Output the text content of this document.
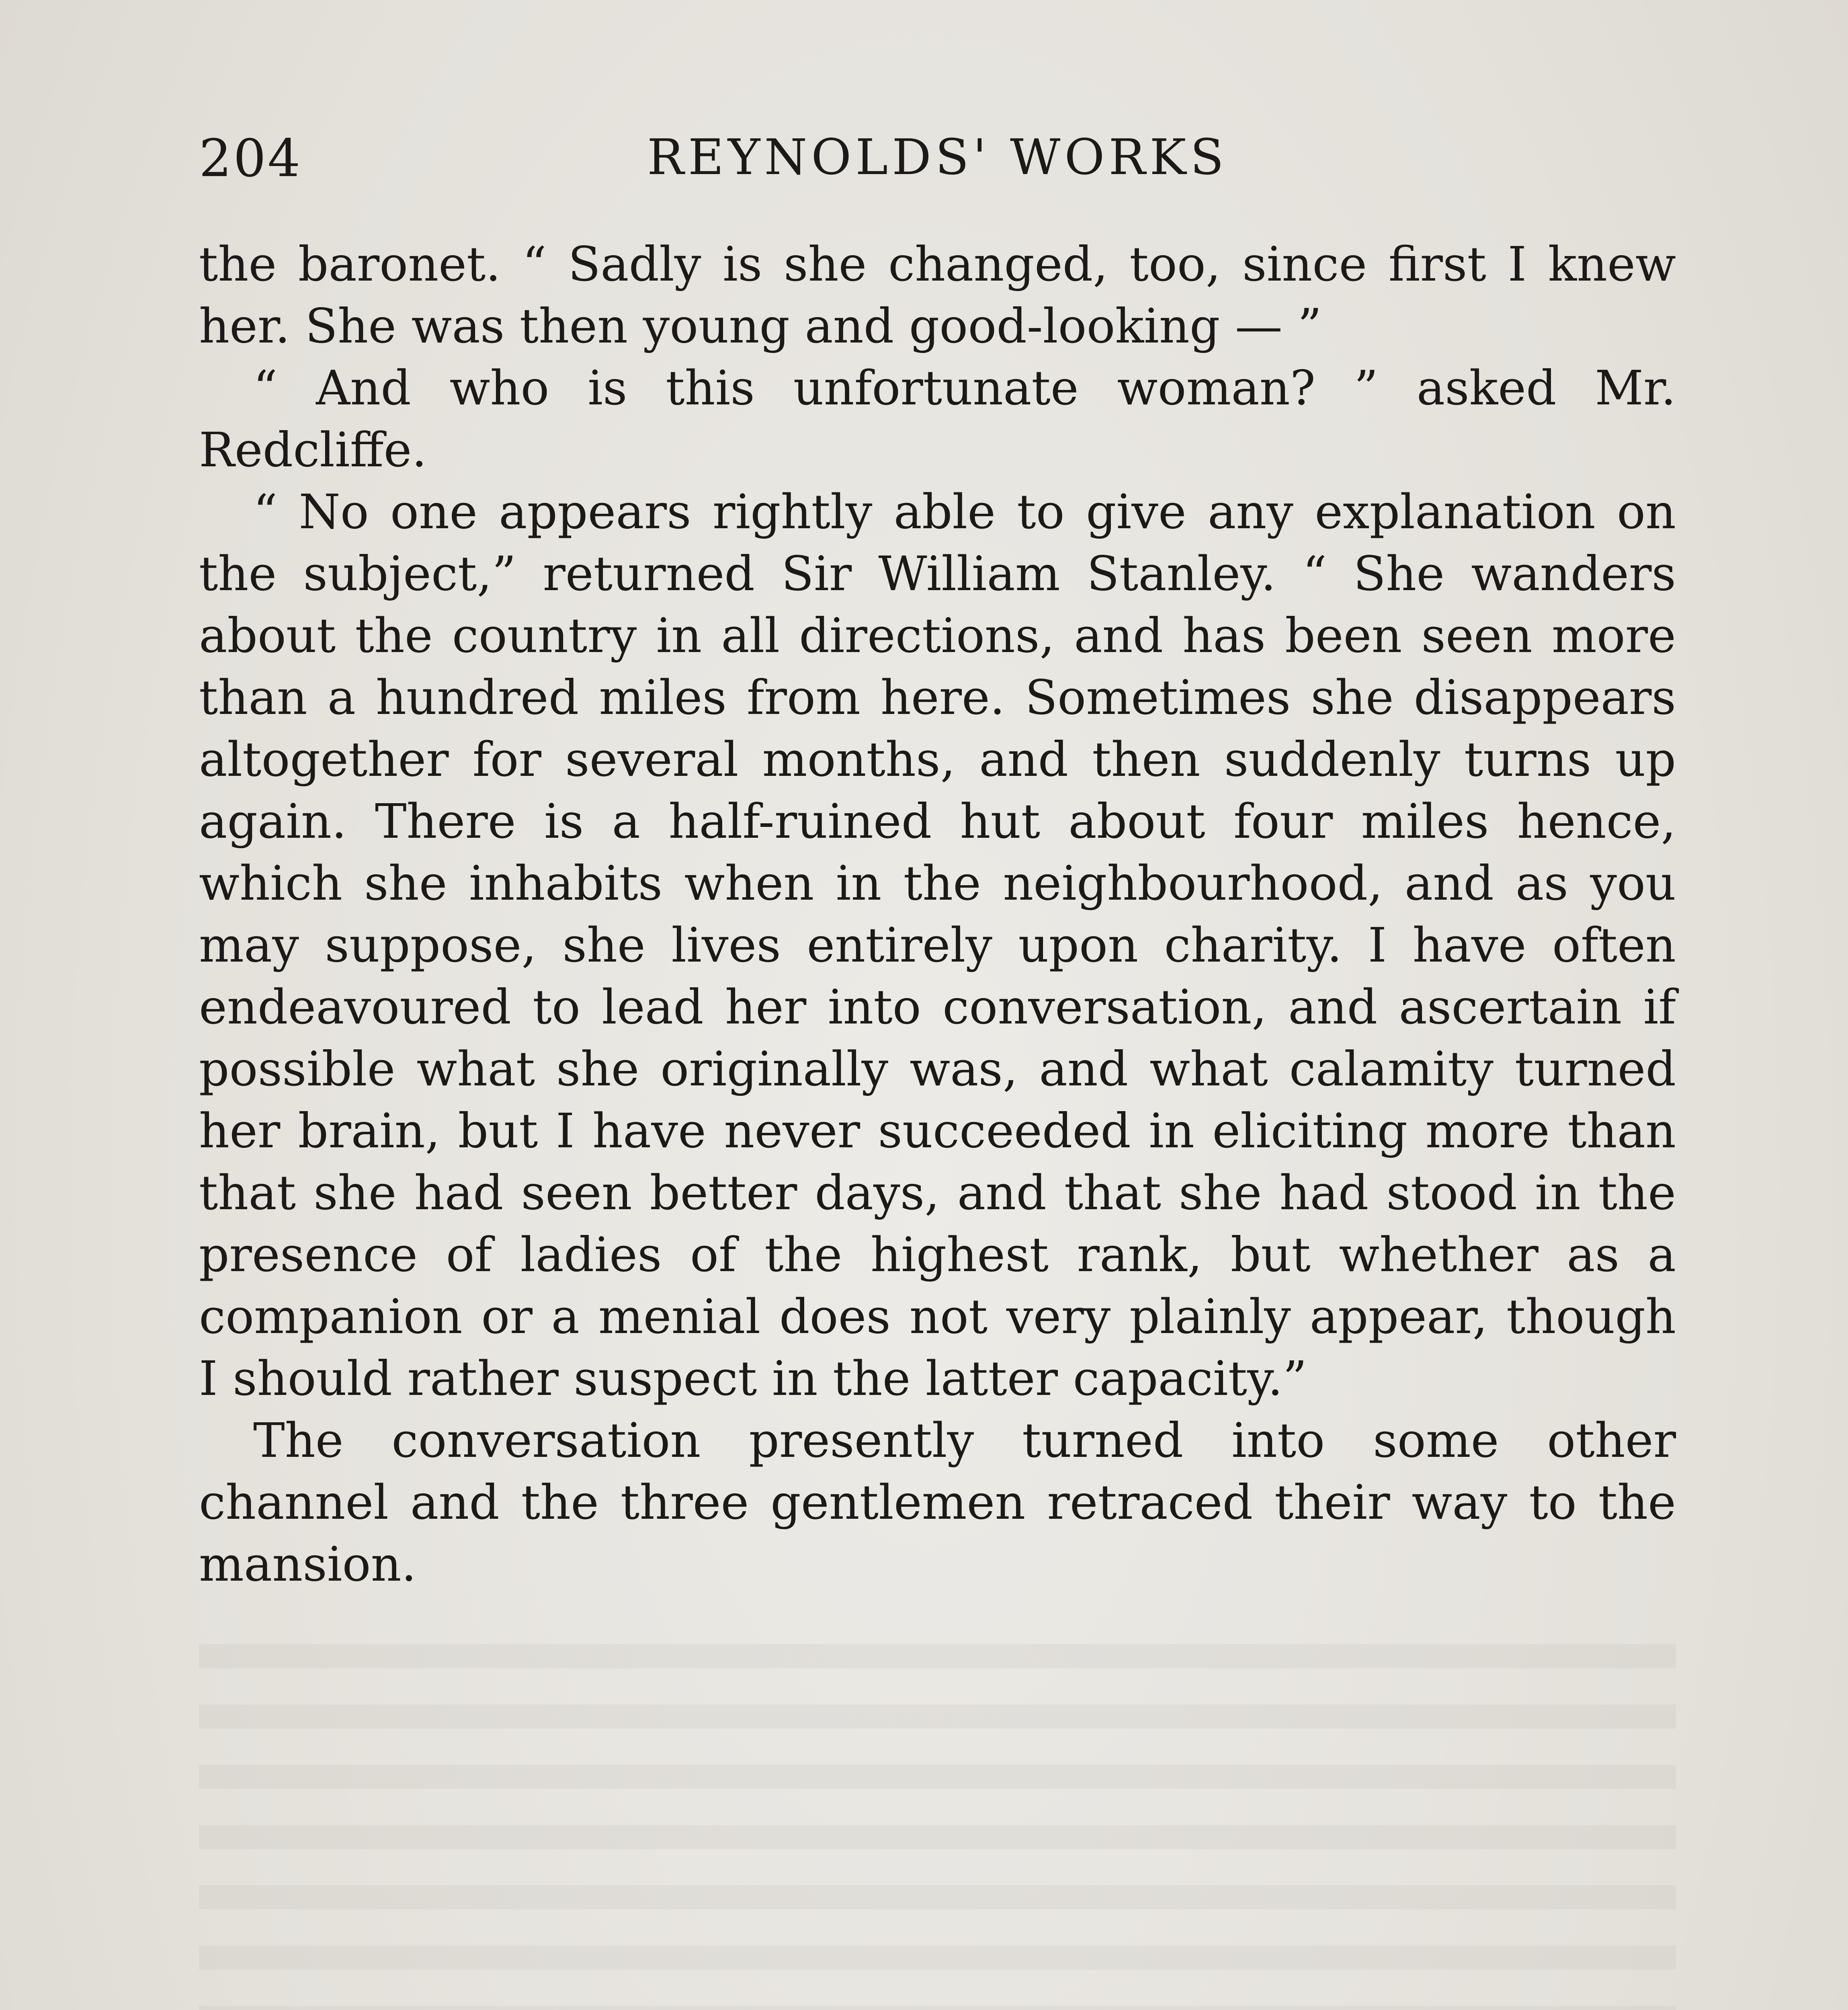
204	REYNOLDS' WORKS

the baronet. “ Sadly is she changed, too, since first I knew her. She was then young and good-looking — ”

“ And who is this unfortunate woman? ” asked Mr. Redcliffe.

“ No one appears rightly able to give any explanation on the subject,” returned Sir William Stanley. “ She wanders about the country in all directions, and has been seen more than a hundred miles from here. Sometimes she disappears altogether for several months, and then suddenly turns up again. There is a half-ruined hut about four miles hence, which she inhabits when in the neighbourhood, and as you may suppose, she lives entirely upon charity. I have often endeavoured to lead her into conversation, and ascertain if possible what she originally was, and what calamity turned her brain, but I have never succeeded in eliciting more than that she had seen better days, and that she had stood in the presence of ladies of the highest rank, but whether as a companion or a menial does not very plainly appear, though I should rather suspect in the latter capacity.”

The conversation presently turned into some other channel and the three gentlemen retraced their way to the mansion.
